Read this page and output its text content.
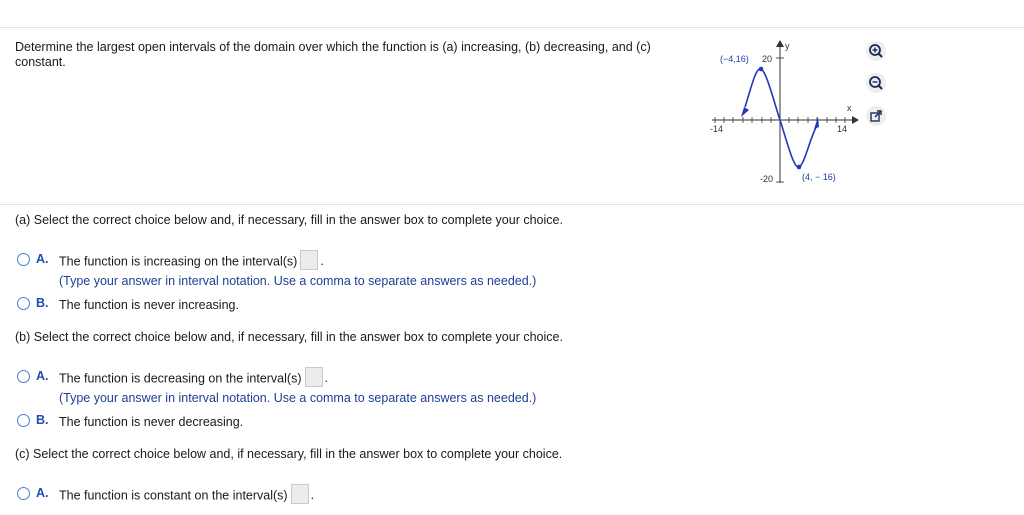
Determine the largest open intervals of the domain over which the function is (a) increasing, (b) decreasing, and (c) constant.	(−4,16) 20
y
x
-14	14
-20	(4, − 16)
(a) Select the correct choice below and, if necessary, fill in the answer box to complete your choice.
A. The function is increasing on the interval(s) .
(Type your answer in interval notation. Use a comma to separate answers as needed.)
B. The function is never increasing.
(b) Select the correct choice below and, if necessary, fill in the answer box to complete your choice.
A. The function is decreasing on the interval(s) .
(Type your answer in interval notation. Use a comma to separate answers as needed.)
B. The function is never decreasing.
(c) Select the correct choice below and, if necessary, fill in the answer box to complete your choice.
A. The function is constant on the interval(s) .
